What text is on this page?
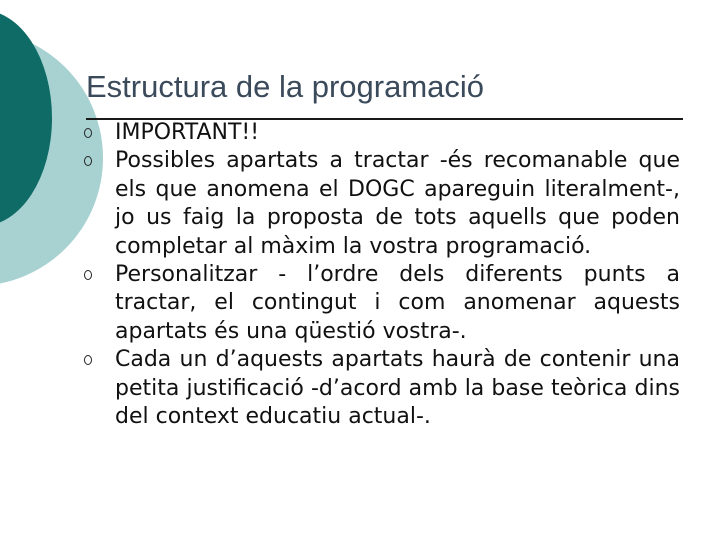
Estructura de la programació
IMPORTANT!!
Possibles apartats a tractar -és recomanable que els que anomena el DOGC apareguin literalment-, jo us faig la proposta de tots aquells que poden completar al màxim la vostra programació.
Personalitzar - l’ordre dels diferents punts a tractar, el contingut i com anomenar aquests apartats és una qüestió vostra-.
Cada un d’aquests apartats haurà de contenir una petita justificació -d’acord amb la base teòrica dins del context educatiu actual-.
